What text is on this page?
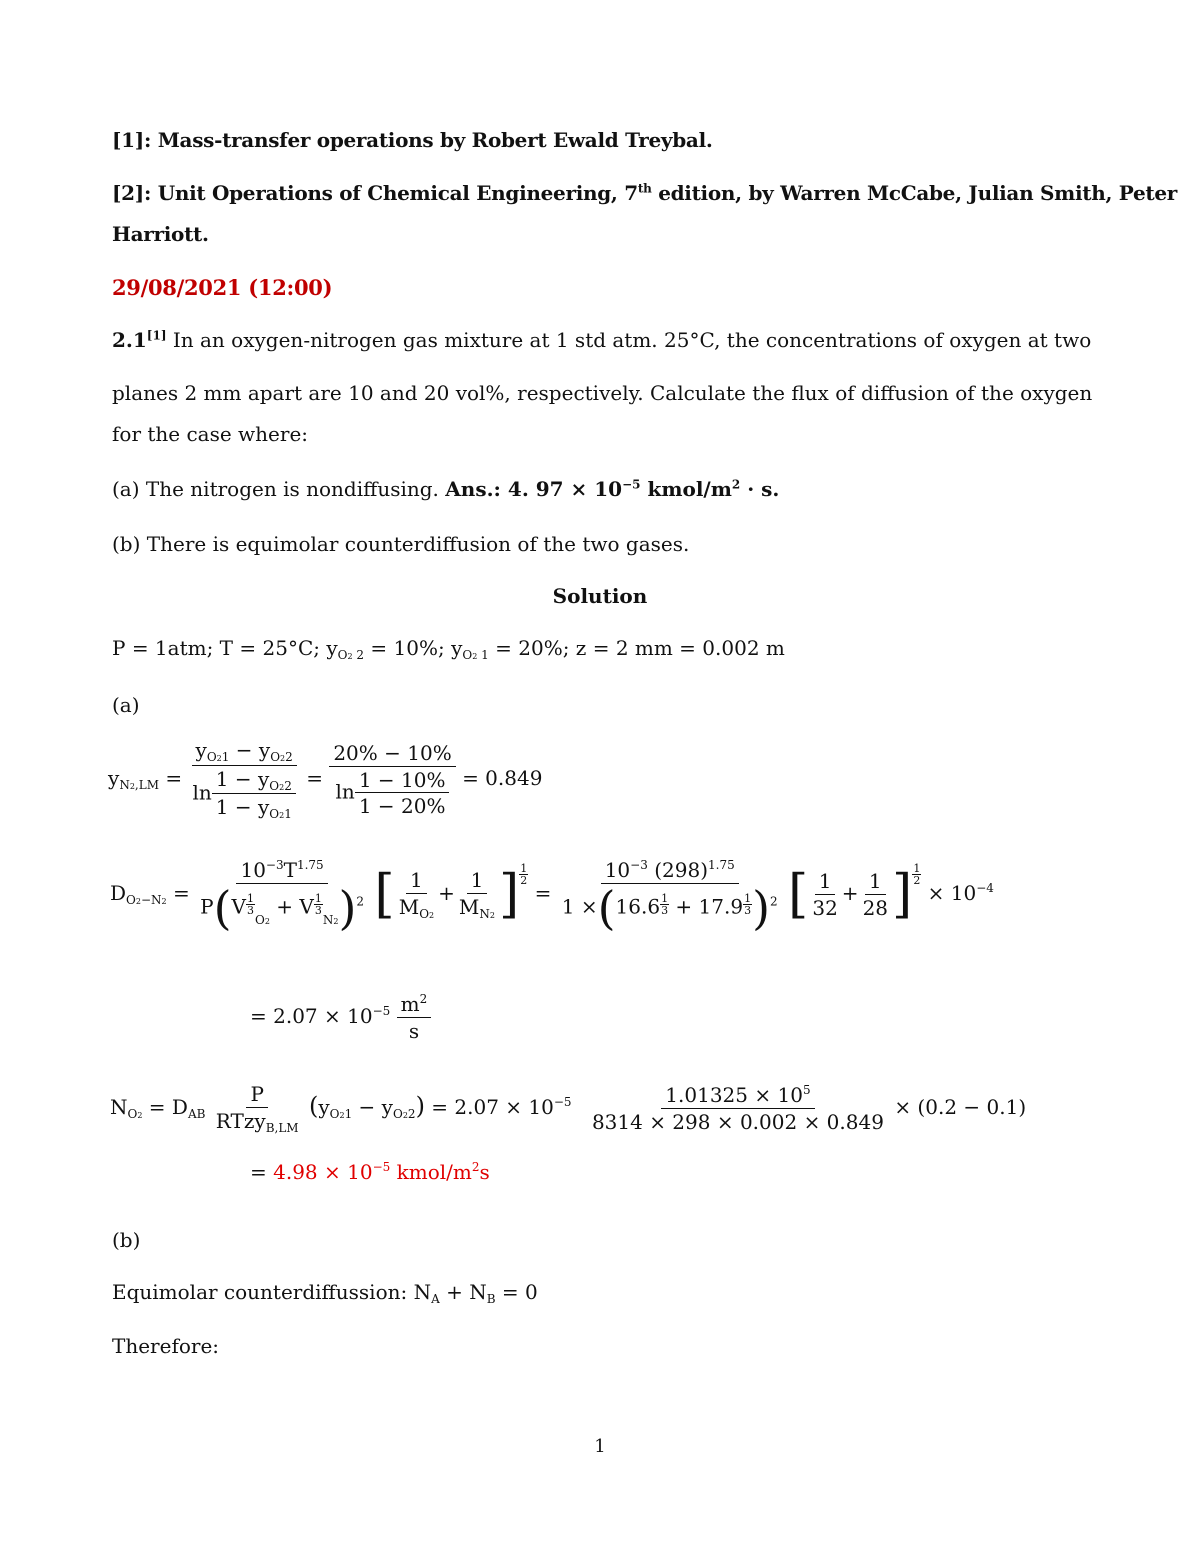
[1]: Mass-transfer operations by Robert Ewald Treybal.
[2]: Unit Operations of Chemical Engineering, 7th edition, by Warren McCabe, Julian Smith, Peter
Harriott.
29/08/2021 (12:00)
2.1[1] In an oxygen-nitrogen gas mixture at 1 std atm. 25°C, the concentrations of oxygen at two
planes 2 mm apart are 10 and 20 vol%, respectively. Calculate the flux of diffusion of the oxygen
for the case where:
(a) The nitrogen is nondiffusing. Ans.: 4. $97 \times 10^{-5}$ kmol/$m^2 \cdot s$.
(b) There is equimolar counterdiffusion of the two gases.
Solution
P = 1atm; T = 25°C; $y_{O2 2} = 10\%$; $y_{O2 1} = 20\%$; z = 2 mm = 0.002 m
(a)
$y_{N2,LM} = \frac{y_{O21} - y_{O22}}{\ln \frac{1 - y_{O22}}{1 - y_{O21}}} = \frac{20\% - 10\%}{\ln \frac{1 - 10\%}{1 - 20\%}} = 0.849$
$D_{O2-N2} = 10^{-3}T^{1.75}$
$P(V \frac{1}{3}$
$_{O2}$ + V $\frac{1}{3}$
$_{N2}$)$^2$ [ $\frac{1}{M_{O2}} + \frac{1}{M_{N2}}$ ] $\frac{1}{2}$
= $\frac{10^{-3} (298)^{1.75}}{1 \times(16.6 \frac{1}{3} + 17.9 \frac{1}{3} )^2}$ [ $\frac{1}{32} + \frac{1}{28}$ ] $\frac{1}{2}$
× $10^{-4}$
= $2.07 \times 10^{-5} \frac{m^2}{s}$
$N_{O2} = D_{AB} \frac{P}{RTzy_{B,LM}} (y_{O21} - y_{O22}) = 2.07 \times 10^{-5} \frac{1.01325 \times 10^5}{8314 \times 298 \times 0.002 \times 0.849} \times (0.2 - 0.1)$
= $4.98 \times 10^{-5}$ kmol/$m^2s$
(b)
Equimolar counterdiffussion: $N_A + N_B = 0$
Therefore:
1
